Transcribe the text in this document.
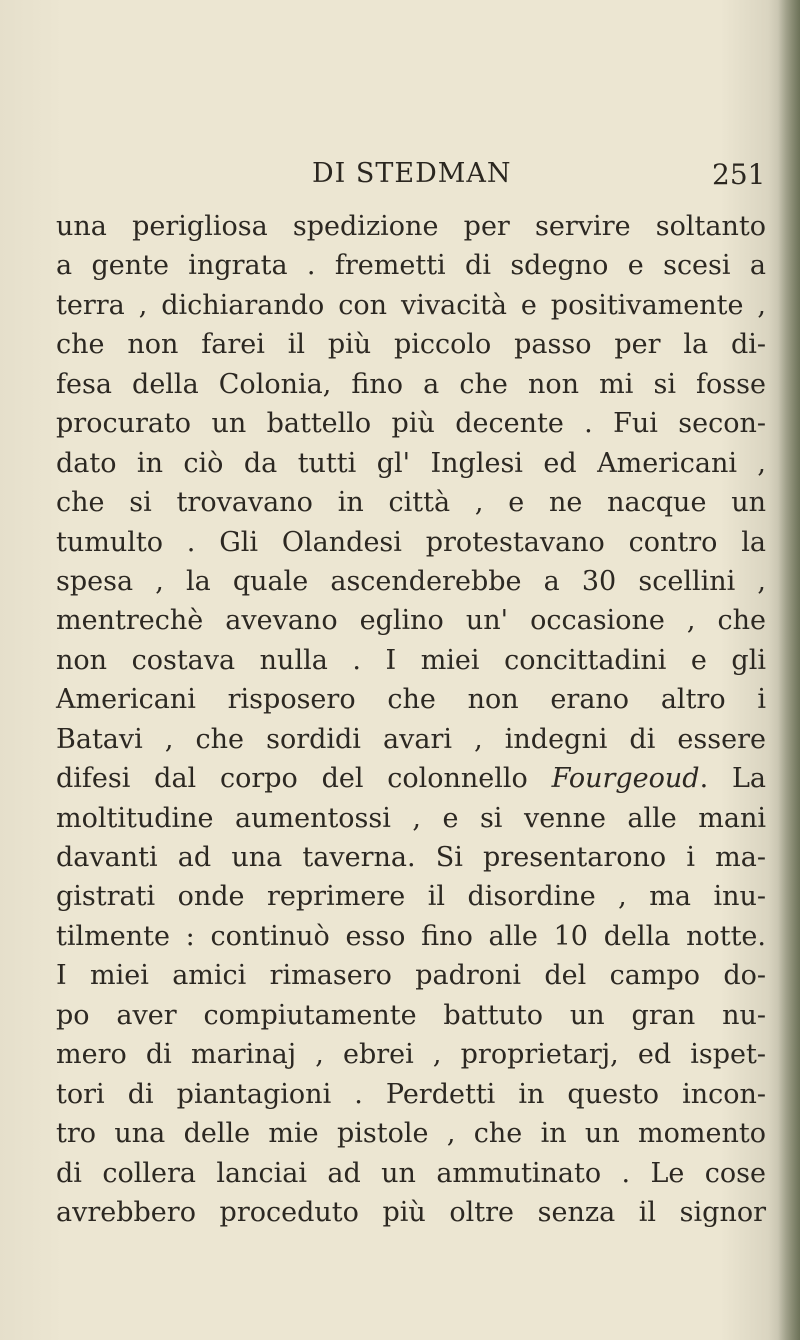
DI STEDMAN	251
una perigliosa spedizione per servire soltanto
a gente ingrata . fremetti di sdegno e scesi a
terra , dichiarando con vivacità e positivamente ,
che non farei il più piccolo passo per la di-
fesa della Colonia, fino a che non mi si fosse
procurato un battello più decente . Fui secon-
dato in ciò da tutti gl' Inglesi ed Americani ,
che si trovavano in città , e ne nacque un
tumulto . Gli Olandesi protestavano contro la
spesa , la quale ascenderebbe a 30 scellini ,
mentrechè avevano eglino un' occasione , che
non costava nulla . I miei concittadini e gli
Americani risposero che non erano altro i
Batavi , che sordidi avari , indegni di essere
difesi dal corpo del colonnello Fourgeoud. La
moltitudine aumentossi , e si venne alle mani
davanti ad una taverna. Si presentarono i ma-
gistrati onde reprimere il disordine , ma inu-
tilmente : continuò esso fino alle 10 della notte.
I miei amici rimasero padroni del campo do-
po aver compiutamente battuto un gran nu-
mero di marinaj , ebrei , proprietarj, ed ispet-
tori di piantagioni . Perdetti in questo incon-
tro una delle mie pistole , che in un momento
di collera lanciai ad un ammutinato . Le cose
avrebbero proceduto più oltre senza il signor
